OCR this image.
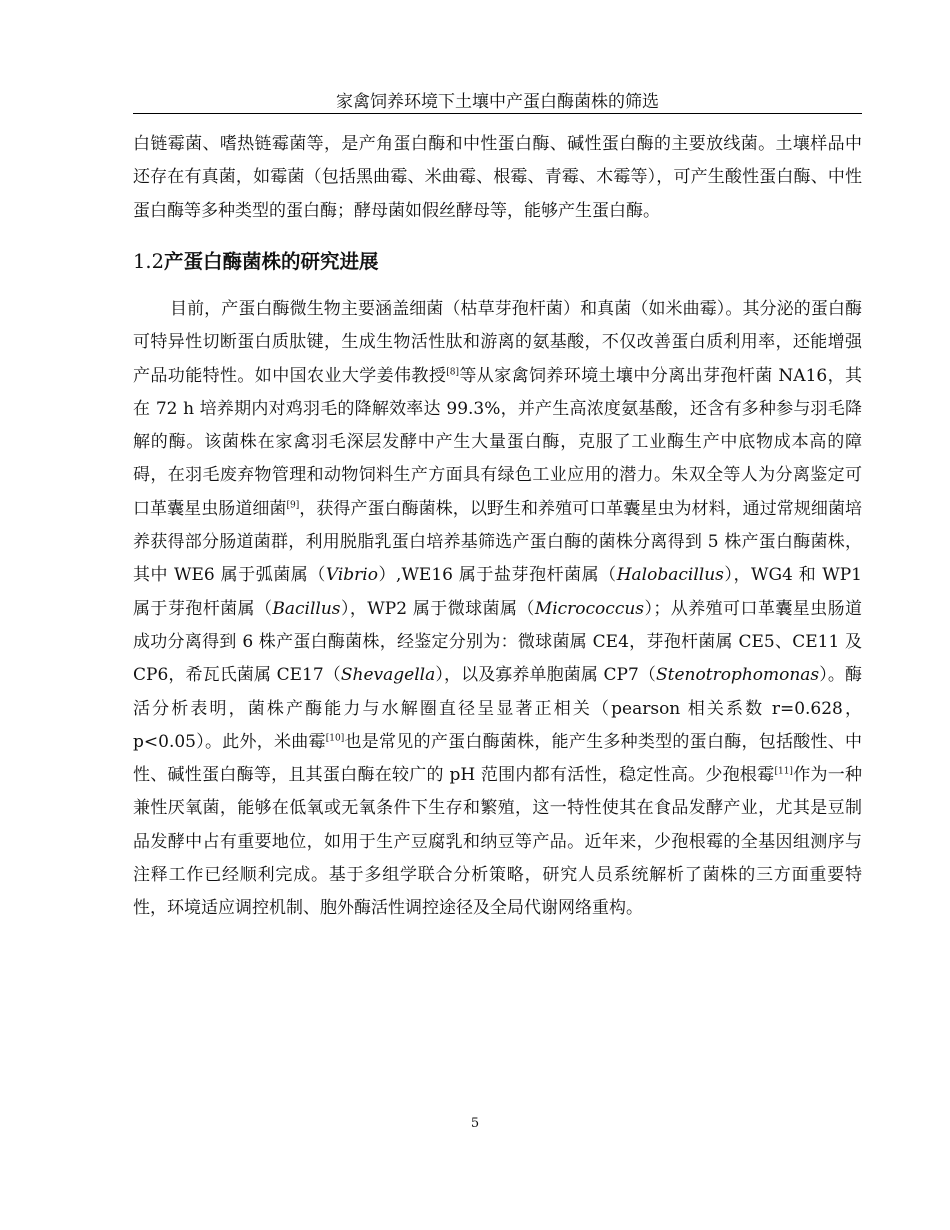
家禽饲养环境下土壤中产蛋白酶菌株的筛选
白链霉菌、嗜热链霉菌等，是产角蛋白酶和中性蛋白酶、碱性蛋白酶的主要放线菌。土壤样品中还存在有真菌，如霉菌（包括黑曲霉、米曲霉、根霉、青霉、木霉等），可产生酸性蛋白酶、中性蛋白酶等多种类型的蛋白酶；酵母菌如假丝酵母等，能够产生蛋白酶。
1.2产蛋白酶菌株的研究进展
目前，产蛋白酶微生物主要涵盖细菌（枯草芽孢杆菌）和真菌（如米曲霉）。其分泌的蛋白酶可特异性切断蛋白质肽键，生成生物活性肽和游离的氨基酸，不仅改善蛋白质利用率，还能增强产品功能特性。如中国农业大学姜伟教授[8]等从家禽饲养环境土壤中分离出芽孢杆菌 NA16，其在 72 h 培养期内对鸡羽毛的降解效率达 99.3%，并产生高浓度氨基酸，还含有多种参与羽毛降解的酶。该菌株在家禽羽毛深层发酵中产生大量蛋白酶，克服了工业酶生产中底物成本高的障碍，在羽毛废弃物管理和动物饲料生产方面具有绿色工业应用的潜力。朱双全等人为分离鉴定可口革囊星虫肠道细菌[9]，获得产蛋白酶菌株，以野生和养殖可口革囊星虫为材料，通过常规细菌培养获得部分肠道菌群，利用脱脂乳蛋白培养基筛选产蛋白酶的菌株分离得到 5 株产蛋白酶菌株，其中 WE6 属于弧菌属（Vibrio）,WE16 属于盐芽孢杆菌属（Halobacillus），WG4 和 WP1 属于芽孢杆菌属（Bacillus），WP2 属于微球菌属（Micrococcus）；从养殖可口革囊星虫肠道成功分离得到 6 株产蛋白酶菌株，经鉴定分别为：微球菌属 CE4，芽孢杆菌属 CE5、CE11 及 CP6，希瓦氏菌属 CE17（Shevagella），以及寡养单胞菌属 CP7（Stenotrophomonas）。酶活分析表明，菌株产酶能力与水解圈直径呈显著正相关（pearson 相关系数 r=0.628，p<0.05）。此外，米曲霉[10]也是常见的产蛋白酶菌株，能产生多种类型的蛋白酶，包括酸性、中性、碱性蛋白酶等，且其蛋白酶在较广的 pH 范围内都有活性，稳定性高。少孢根霉[11]作为一种兼性厌氧菌，能够在低氧或无氧条件下生存和繁殖，这一特性使其在食品发酵产业，尤其是豆制品发酵中占有重要地位，如用于生产豆腐乳和纳豆等产品。近年来，少孢根霉的全基因组测序与注释工作已经顺利完成。基于多组学联合分析策略，研究人员系统解析了菌株的三方面重要特性，环境适应调控机制、胞外酶活性调控途径及全局代谢网络重构。
5
